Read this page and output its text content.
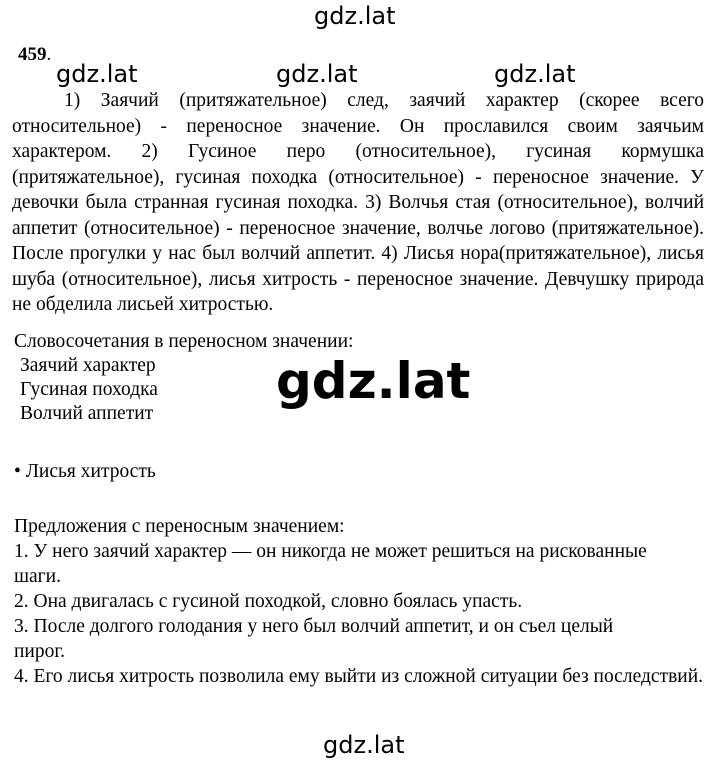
gdz.lat
459.
gdz.lat	gdz.lat	gdz.lat

1) Заячий (притяжательное) след, заячий характер (скорее всего относительное) - переносное значение. Он прославился своим заячьим характером. 2) Гусиное перо (относительное), гусиная кормушка (притяжательное), гусиная походка (относительное) - переносное значение. У девочки была странная гусиная походка. 3) Волчья стая (относительное), волчий аппетит (относительное) - переносное значение, волчье логово (притяжательное). После прогулки у нас был волчий аппетит. 4) Лисья нора(притяжательное), лисья шуба (относительное), лисья хитрость - переносное значение. Девчушку природа не обделила лисьей хитростью.

Словосочетания в переносном значении:

Заячий характер
Гусиная походка
Волчий аппетит
gdz.lat
• Лисья хитрость

Предложения с переносным значением:

1. У него заячий характер — он никогда не может решиться на рискованные шаги.
2. Она двигалась с гусиной походкой, словно боялась упасть.
3. После долгого голодания у него был волчий аппетит, и он съел целый пирог.
4. Его лисья хитрость позволила ему выйти из сложной ситуации без последствий.
gdz.lat
